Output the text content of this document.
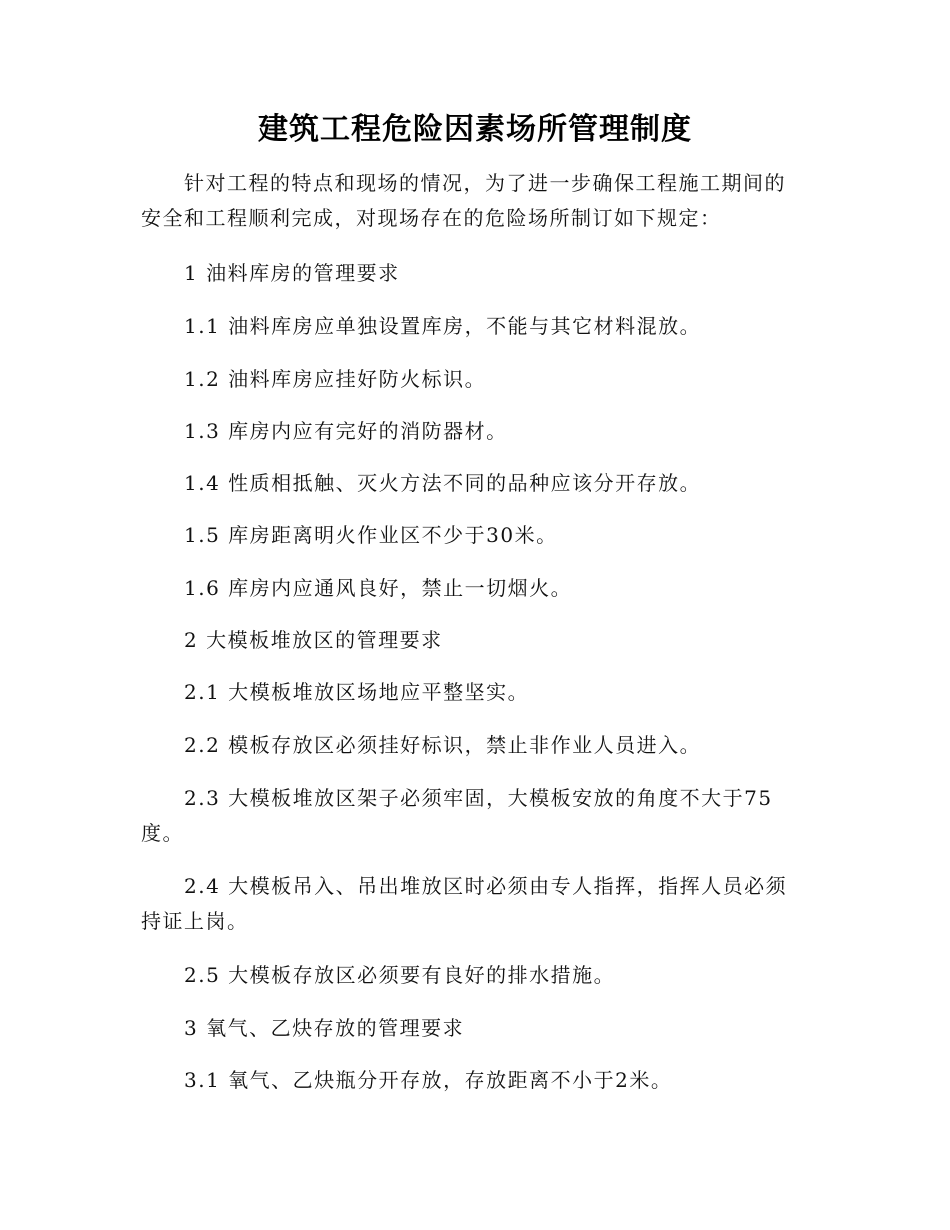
建筑工程危险因素场所管理制度

针对工程的特点和现场的情况，为了进一步确保工程施工期间的安全和工程顺利完成，对现场存在的危险场所制订如下规定：

1 油料库房的管理要求

1.1 油料库房应单独设置库房，不能与其它材料混放。

1.2 油料库房应挂好防火标识。

1.3 库房内应有完好的消防器材。

1.4 性质相抵触、灭火方法不同的品种应该分开存放。

1.5 库房距离明火作业区不少于30米。

1.6 库房内应通风良好，禁止一切烟火。

2 大模板堆放区的管理要求

2.1 大模板堆放区场地应平整坚实。

2.2 模板存放区必须挂好标识，禁止非作业人员进入。

2.3 大模板堆放区架子必须牢固，大模板安放的角度不大于75度。

2.4 大模板吊入、吊出堆放区时必须由专人指挥，指挥人员必须持证上岗。

2.5 大模板存放区必须要有良好的排水措施。

3 氧气、乙炔存放的管理要求

3.1 氧气、乙炔瓶分开存放，存放距离不小于2米。
